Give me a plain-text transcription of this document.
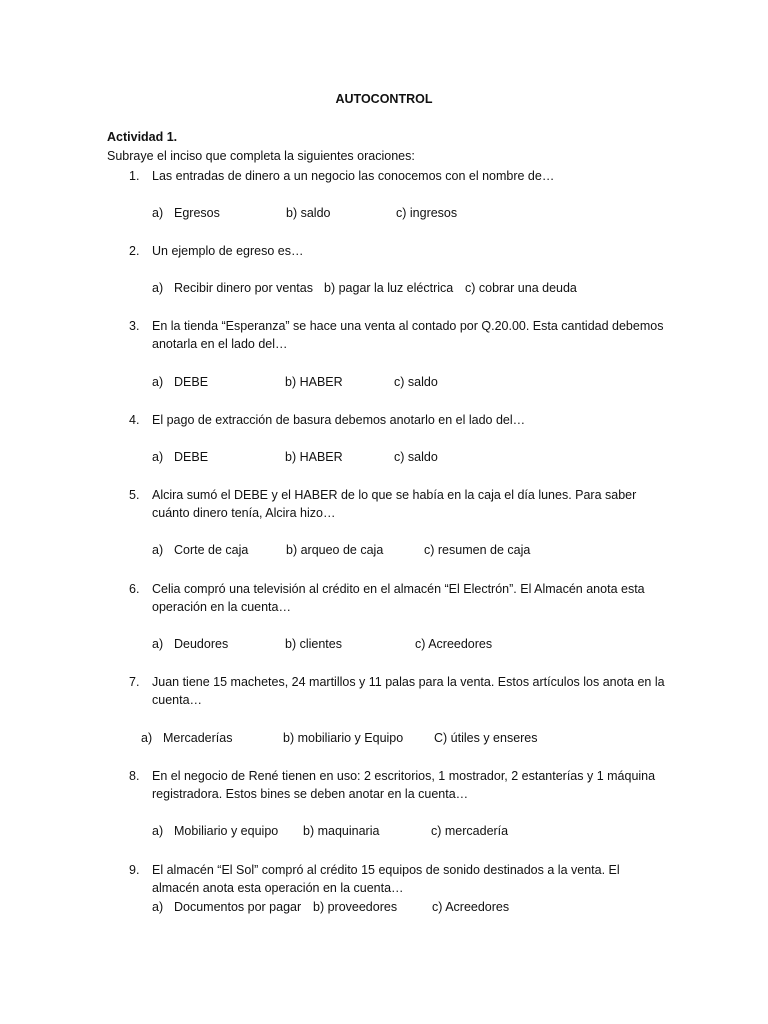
AUTOCONTROL
Actividad 1.
Subraye el inciso que completa la siguientes oraciones:
1. Las entradas de dinero a un negocio las conocemos con el nombre de…
a) Egresos	b) saldo	c) ingresos
2. Un ejemplo de egreso es…
a) Recibir dinero por ventas b) pagar la luz eléctrica c) cobrar una deuda
3. En la tienda “Esperanza” se hace una venta al contado por Q.20.00. Esta cantidad debemos anotarla en el lado del…
a) DEBE	b) HABER	c) saldo
4. El pago de extracción de basura debemos anotarlo en el lado del…
a) DEBE	b) HABER	c) saldo
5. Alcira sumó el DEBE y el HABER de lo que se había en la caja el día lunes. Para saber cuánto dinero tenía, Alcira hizo…
a) Corte de caja	b) arqueo de caja	c) resumen de caja
6. Celia compró una televisión al crédito en el almacén “El Electrón”. El Almacén anota esta operación en la cuenta…
a) Deudores	b) clientes	c) Acreedores
7. Juan tiene 15 machetes, 24 martillos y 11 palas para la venta. Estos artículos los anota en la cuenta…
a) Mercaderías	b) mobiliario y Equipo C) útiles y enseres
8. En el negocio de René tienen en uso: 2 escritorios, 1 mostrador, 2 estanterías y 1 máquina registradora. Estos bines se deben anotar en la cuenta…
a) Mobiliario y equipo b) maquinaria	c) mercadería
9. El almacén “El Sol” compró al crédito 15 equipos de sonido destinados a la venta. El almacén anota esta operación en la cuenta…
a) Documentos por pagar b) proveedores	c) Acreedores
